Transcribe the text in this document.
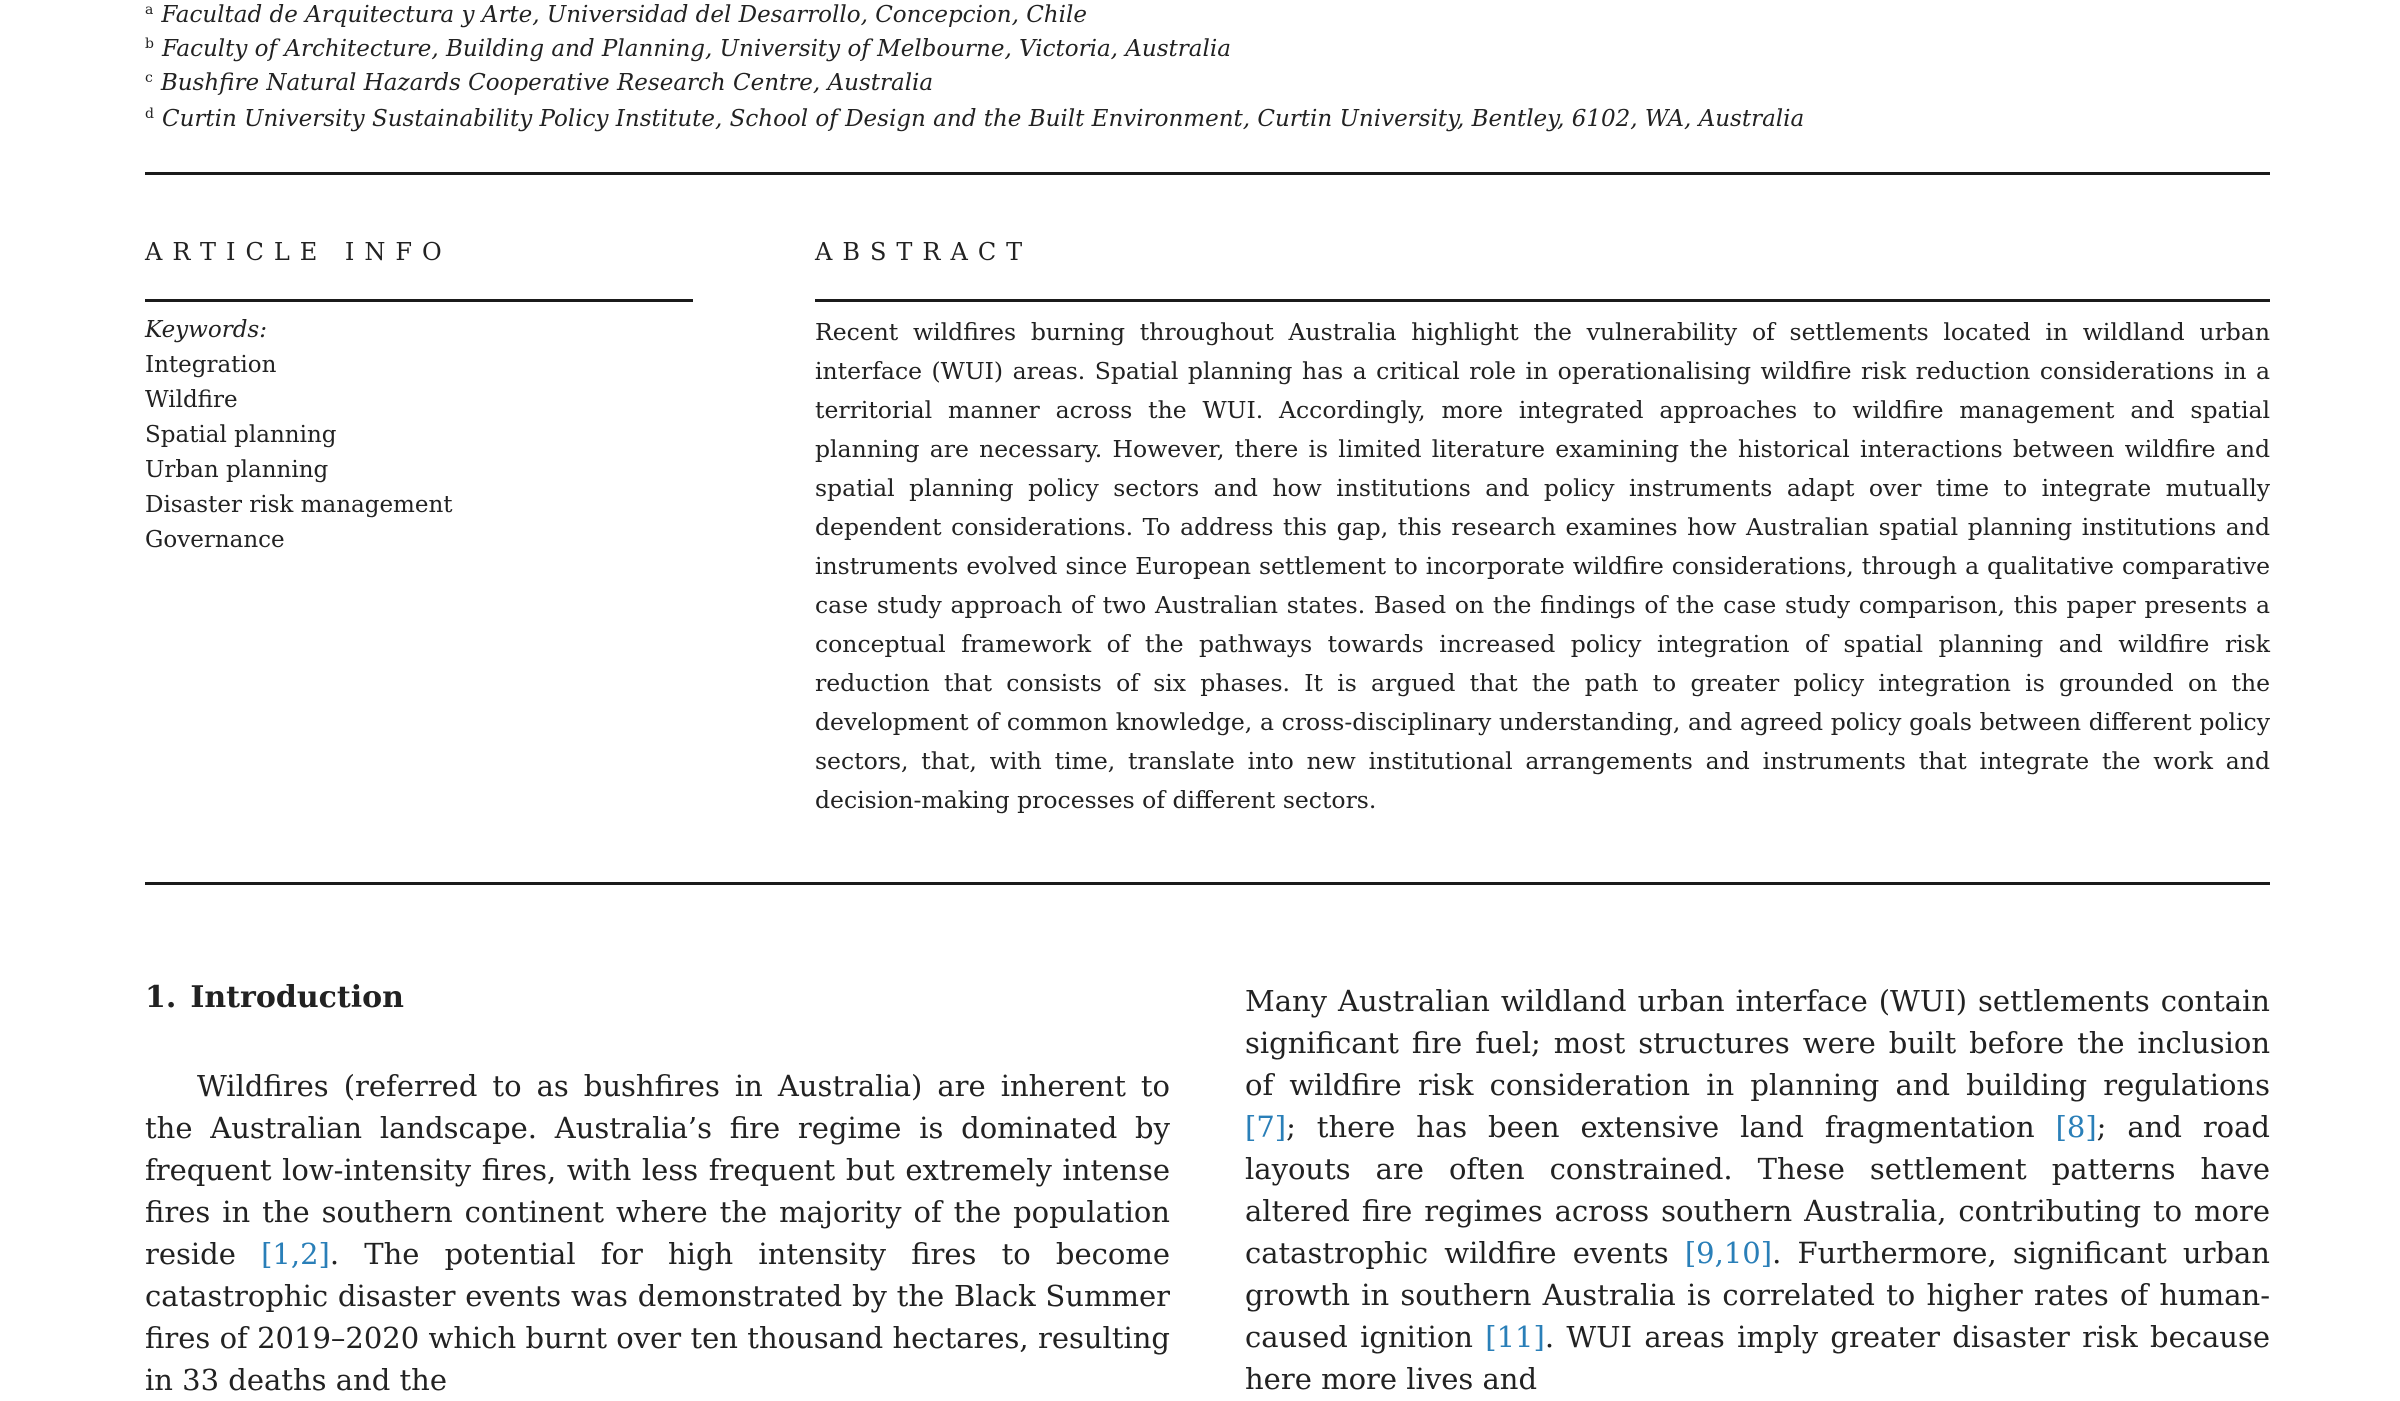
$^a$ Facultad de Arquitectura y Arte, Universidad del Desarrollo, Concepcion, Chile
$^b$ Faculty of Architecture, Building and Planning, University of Melbourne, Victoria, Australia
$^c$ Bushfire Natural Hazards Cooperative Research Centre, Australia
$^d$ Curtin University Sustainability Policy Institute, School of Design and the Built Environment, Curtin University, Bentley, 6102, WA, Australia
ARTICLE INFO	ABSTRACT
Keywords:
Integration
Wildfire
Spatial planning
Urban planning
Disaster risk management
Governance

Recent wildfires burning throughout Australia highlight the vulnerability of settlements located in wildland urban interface (WUI) areas. Spatial planning has a critical role in operationalising wildfire risk reduction considerations in a territorial manner across the WUI. Accordingly, more integrated approaches to wildfire management and spatial planning are necessary. However, there is limited literature examining the historical interactions between wildfire and spatial planning policy sectors and how institutions and policy instruments adapt over time to integrate mutually dependent considerations. To address this gap, this research examines how Australian spatial planning institutions and instruments evolved since European settlement to incorporate wildfire considerations, through a qualitative comparative case study approach of two Australian states. Based on the findings of the case study comparison, this paper presents a conceptual framework of the pathways towards increased policy integration of spatial planning and wildfire risk reduction that consists of six phases. It is argued that the path to greater policy integration is grounded on the development of common knowledge, a cross-disciplinary understanding, and agreed policy goals between different policy sectors, that, with time, translate into new institutional arrangements and instruments that integrate the work and decision-making processes of different sectors.

1. Introduction

Wildfires (referred to as bushfires in Australia) are inherent to the Australian landscape. Australia’s fire regime is dominated by frequent low-intensity fires, with less frequent but extremely intense fires in the southern continent where the majority of the population reside [1,2]. The potential for high intensity fires to become catastrophic disaster events was demonstrated by the Black Summer fires of 2019–2020 which burnt over ten thousand hectares, resulting in 33 deaths and the

Many Australian wildland urban interface (WUI) settlements contain significant fire fuel; most structures were built before the inclusion of wildfire risk consideration in planning and building regulations [7]; there has been extensive land fragmentation [8]; and road layouts are often constrained. These settlement patterns have altered fire regimes across southern Australia, contributing to more catastrophic wildfire events [9,10]. Furthermore, significant urban growth in southern Australia is correlated to higher rates of human-caused ignition [11]. WUI areas imply greater disaster risk because here more lives and
